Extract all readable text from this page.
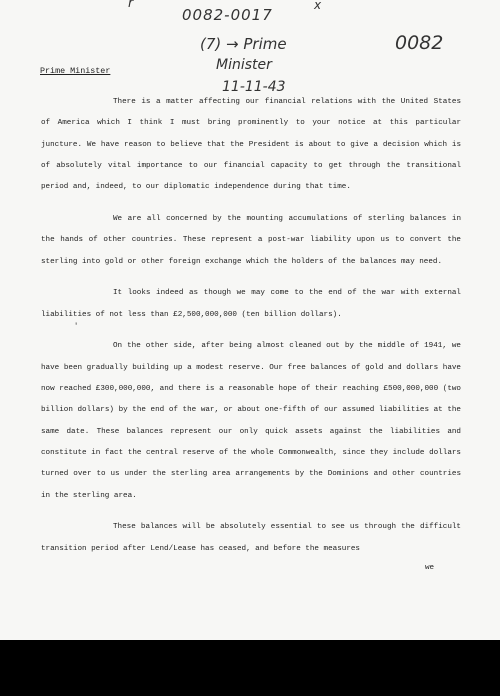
r
0082-0017
x
0082
(7) → Prime
Minister
11-11-43
Prime Minister

There is a matter affecting our financial relations with the United States of America which I think I must bring prominently to your notice at this particular juncture. We have reason to believe that the President is about to give a decision which is of absolutely vital importance to our financial capacity to get through the transitional period and, indeed, to our diplomatic independence during that time.

We are all concerned by the mounting accumulations of sterling balances in the hands of other countries. These represent a post-war liability upon us to convert the sterling into gold or other foreign exchange which the holders of the balances may need.

It looks indeed as though we may come to the end of the war with external liabilities of not less than £2,500,000,000 (ten billion dollars).

On the other side, after being almost cleaned out by the middle of 1941, we have been gradually building up a modest reserve. Our free balances of gold and dollars have now reached £300,000,000, and there is a reasonable hope of their reaching £500,000,000 (two billion dollars) by the end of the war, or about one-fifth of our assumed liabilities at the same date. These balances represent our only quick assets against the liabilities and constitute in fact the central reserve of the whole Commonwealth, since they include dollars turned over to us under the sterling area arrangements by the Dominions and other countries in the sterling area.

These balances will be absolutely essential to see us through the difficult transition period after Lend/Lease has ceased, and before the measures

'
we
